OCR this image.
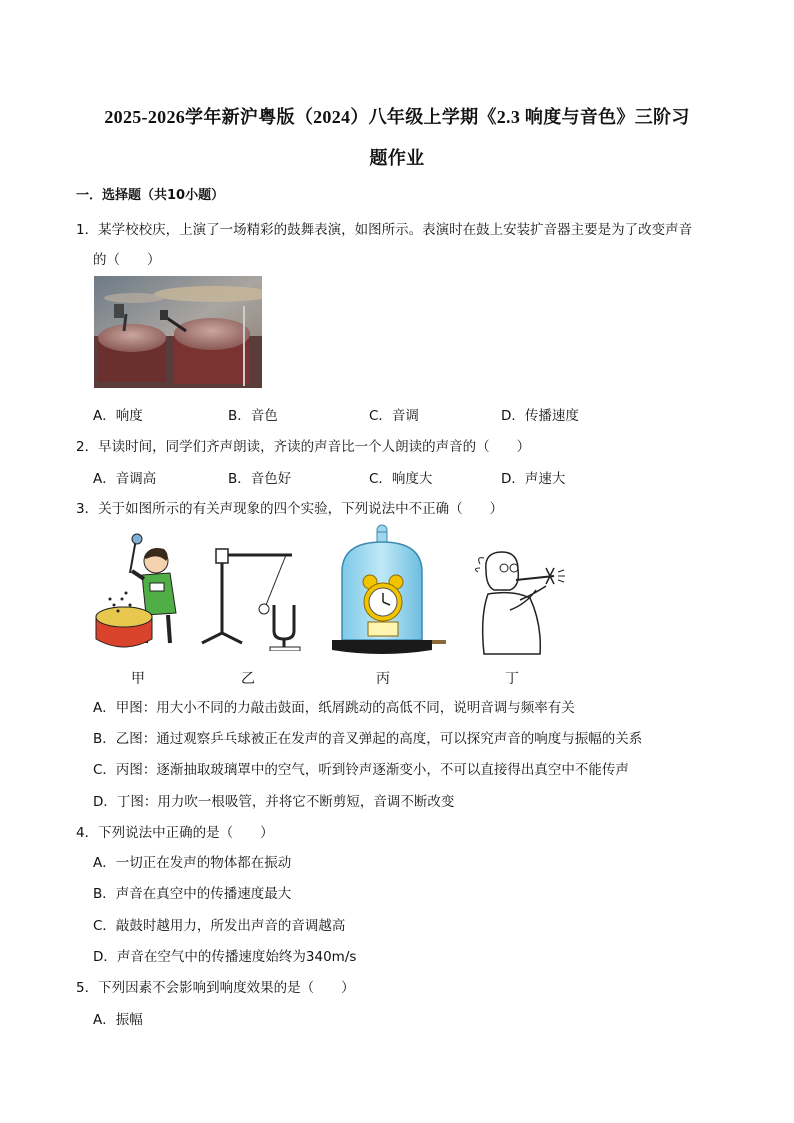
2025-2026学年新沪粤版（2024）八年级上学期《2.3 响度与音色》三阶习
题作业
一．选择题（共10小题）
1．某学校校庆，上演了一场精彩的鼓舞表演，如图所示。表演时在鼓上安装扩音器主要是为了改变声音
的（　　）
A．响度	B．音色	C．音调	D．传播速度
2．早读时间，同学们齐声朗读，齐读的声音比一个人朗读的声音的（　　）
A．音调高	B．音色好	C．响度大	D．声速大
3．关于如图所示的有关声现象的四个实验，下列说法中不正确（　　）
甲	乙	丙	丁
A．甲图：用大小不同的力敲击鼓面，纸屑跳动的高低不同，说明音调与频率有关
B．乙图：通过观察乒乓球被正在发声的音叉弹起的高度，可以探究声音的响度与振幅的关系
C．丙图：逐渐抽取玻璃罩中的空气，听到铃声逐渐变小，不可以直接得出真空中不能传声
D．丁图：用力吹一根吸管，并将它不断剪短，音调不断改变
4．下列说法中正确的是（　　）
A．一切正在发声的物体都在振动
B．声音在真空中的传播速度最大
C．敲鼓时越用力，所发出声音的音调越高
D．声音在空气中的传播速度始终为340m/s
5．下列因素不会影响到响度效果的是（　　）
A．振幅
